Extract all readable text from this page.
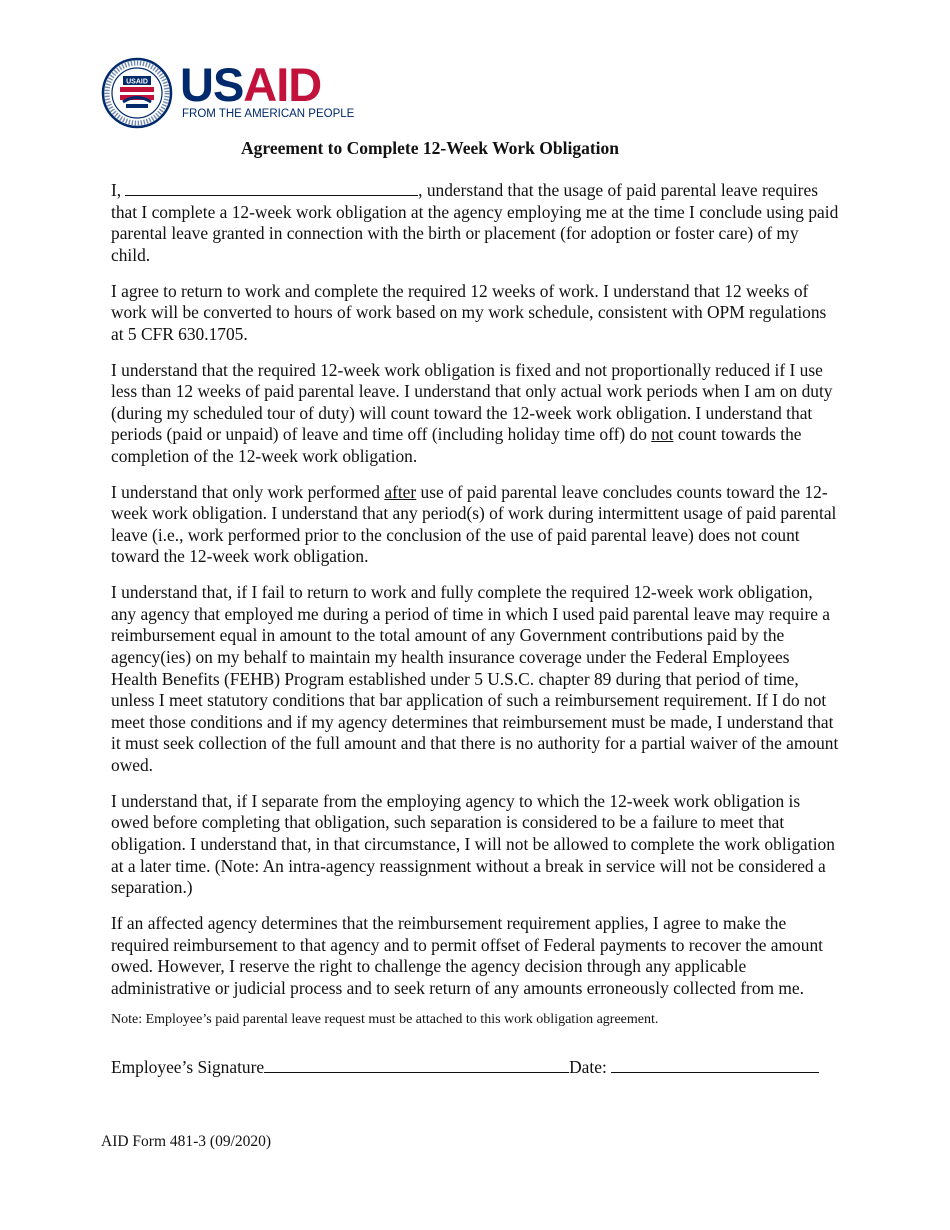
USAID USAID
FROM THE AMERICAN PEOPLE
Agreement to Complete 12-Week Work Obligation

I,	, understand that the usage of paid parental leave requires that I complete a 12-week work obligation at the agency employing me at the time I conclude using paid parental leave granted in connection with the birth or placement (for adoption or foster care) of my child.

I agree to return to work and complete the required 12 weeks of work. I understand that 12 weeks of work will be converted to hours of work based on my work schedule, consistent with OPM regulations at 5 CFR 630.1705.

I understand that the required 12-week work obligation is fixed and not proportionally reduced if I use less than 12 weeks of paid parental leave. I understand that only actual work periods when I am on duty (during my scheduled tour of duty) will count toward the 12-week work obligation. I understand that periods (paid or unpaid) of leave and time off (including holiday time off) do not count towards the completion of the 12-week work obligation.

I understand that only work performed after use of paid parental leave concludes counts toward the 12-week work obligation. I understand that any period(s) of work during intermittent usage of paid parental leave (i.e., work performed prior to the conclusion of the use of paid parental leave) does not count toward the 12-week work obligation.

I understand that, if I fail to return to work and fully complete the required 12-week work obligation, any agency that employed me during a period of time in which I used paid parental leave may require a reimbursement equal in amount to the total amount of any Government contributions paid by the agency(ies) on my behalf to maintain my health insurance coverage under the Federal Employees Health Benefits (FEHB) Program established under 5 U.S.C. chapter 89 during that period of time, unless I meet statutory conditions that bar application of such a reimbursement requirement. If I do not meet those conditions and if my agency determines that reimbursement must be made, I understand that it must seek collection of the full amount and that there is no authority for a partial waiver of the amount owed.

I understand that, if I separate from the employing agency to which the 12-week work obligation is owed before completing that obligation, such separation is considered to be a failure to meet that obligation. I understand that, in that circumstance, I will not be allowed to complete the work obligation at a later time. (Note: An intra-agency reassignment without a break in service will not be considered a separation.)

If an affected agency determines that the reimbursement requirement applies, I agree to make the required reimbursement to that agency and to permit offset of Federal payments to recover the amount owed. However, I reserve the right to challenge the agency decision through any applicable administrative or judicial process and to seek return of any amounts erroneously collected from me.

Note: Employee’s paid parental leave request must be attached to this work obligation agreement.

Employee’s Signature	Date:

AID Form 481-3 (09/2020)
